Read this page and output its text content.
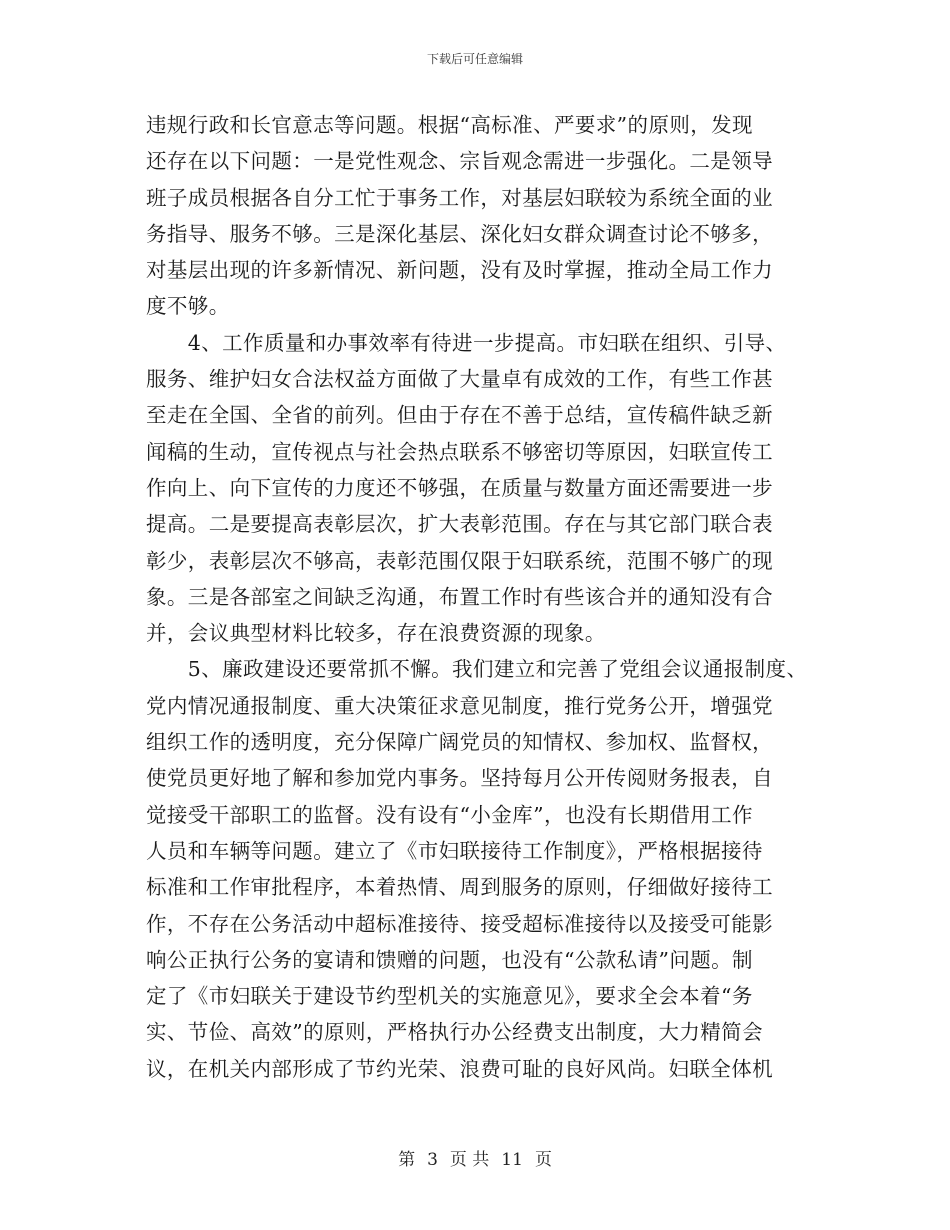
下载后可任意编辑
违规行政和长官意志等问题。根据“高标准、严要求”的原则，发现
还存在以下问题：一是党性观念、宗旨观念需进一步强化。二是领导
班子成员根据各自分工忙于事务工作，对基层妇联较为系统全面的业
务指导、服务不够。三是深化基层、深化妇女群众调查讨论不够多，
对基层出现的许多新情况、新问题，没有及时掌握，推动全局工作力
度不够。
　　4、工作质量和办事效率有待进一步提高。市妇联在组织、引导、
服务、维护妇女合法权益方面做了大量卓有成效的工作，有些工作甚
至走在全国、全省的前列。但由于存在不善于总结，宣传稿件缺乏新
闻稿的生动，宣传视点与社会热点联系不够密切等原因，妇联宣传工
作向上、向下宣传的力度还不够强，在质量与数量方面还需要进一步
提高。二是要提高表彰层次，扩大表彰范围。存在与其它部门联合表
彰少，表彰层次不够高，表彰范围仅限于妇联系统，范围不够广的现
象。三是各部室之间缺乏沟通，布置工作时有些该合并的通知没有合
并，会议典型材料比较多，存在浪费资源的现象。
　　5、廉政建设还要常抓不懈。我们建立和完善了党组会议通报制度、
党内情况通报制度、重大决策征求意见制度，推行党务公开，增强党
组织工作的透明度，充分保障广阔党员的知情权、参加权、监督权，
使党员更好地了解和参加党内事务。坚持每月公开传阅财务报表，自
觉接受干部职工的监督。没有设有“小金库”，也没有长期借用工作
人员和车辆等问题。建立了《市妇联接待工作制度》，严格根据接待
标准和工作审批程序，本着热情、周到服务的原则，仔细做好接待工
作，不存在公务活动中超标准接待、接受超标准接待以及接受可能影
响公正执行公务的宴请和馈赠的问题，也没有“公款私请”问题。制
定了《市妇联关于建设节约型机关的实施意见》，要求全会本着“务
实、节俭、高效”的原则，严格执行办公经费支出制度，大力精简会
议，在机关内部形成了节约光荣、浪费可耻的良好风尚。妇联全体机
第 3 页 共 11 页
